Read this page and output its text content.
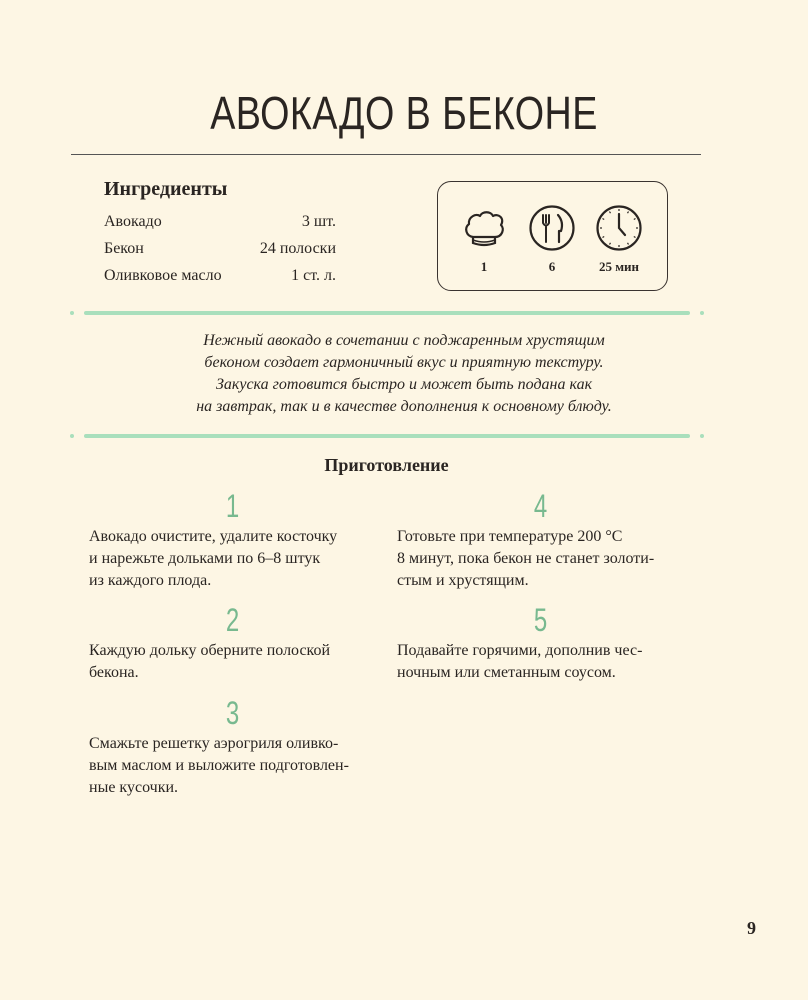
АВОКАДО В БЕКОНЕ
Ингредиенты
Авокадо	3 шт.
Бекон	24 полоски
Оливковое масло	1 ст. л.
1	6	25 мин
Нежный авокадо в сочетании с поджаренным хрустящим
беконом создает гармоничный вкус и приятную текстуру.
Закуска готовится быстро и может быть подана как
на завтрак, так и в качестве дополнения к основному блюду.
Приготовление
1
Авокадо очистите, удалите косточку
и нарежьте дольками по 6–8 штук
из каждого плода.
2
Каждую дольку оберните полоской
бекона.
3
Смажьте решетку аэрогриля оливко-
вым маслом и выложите подготовлен-
ные кусочки.
4
Готовьте при температуре 200 °С
8 минут, пока бекон не станет золоти-
стым и хрустящим.
5
Подавайте горячими, дополнив чес-
ночным или сметанным соусом.
9
